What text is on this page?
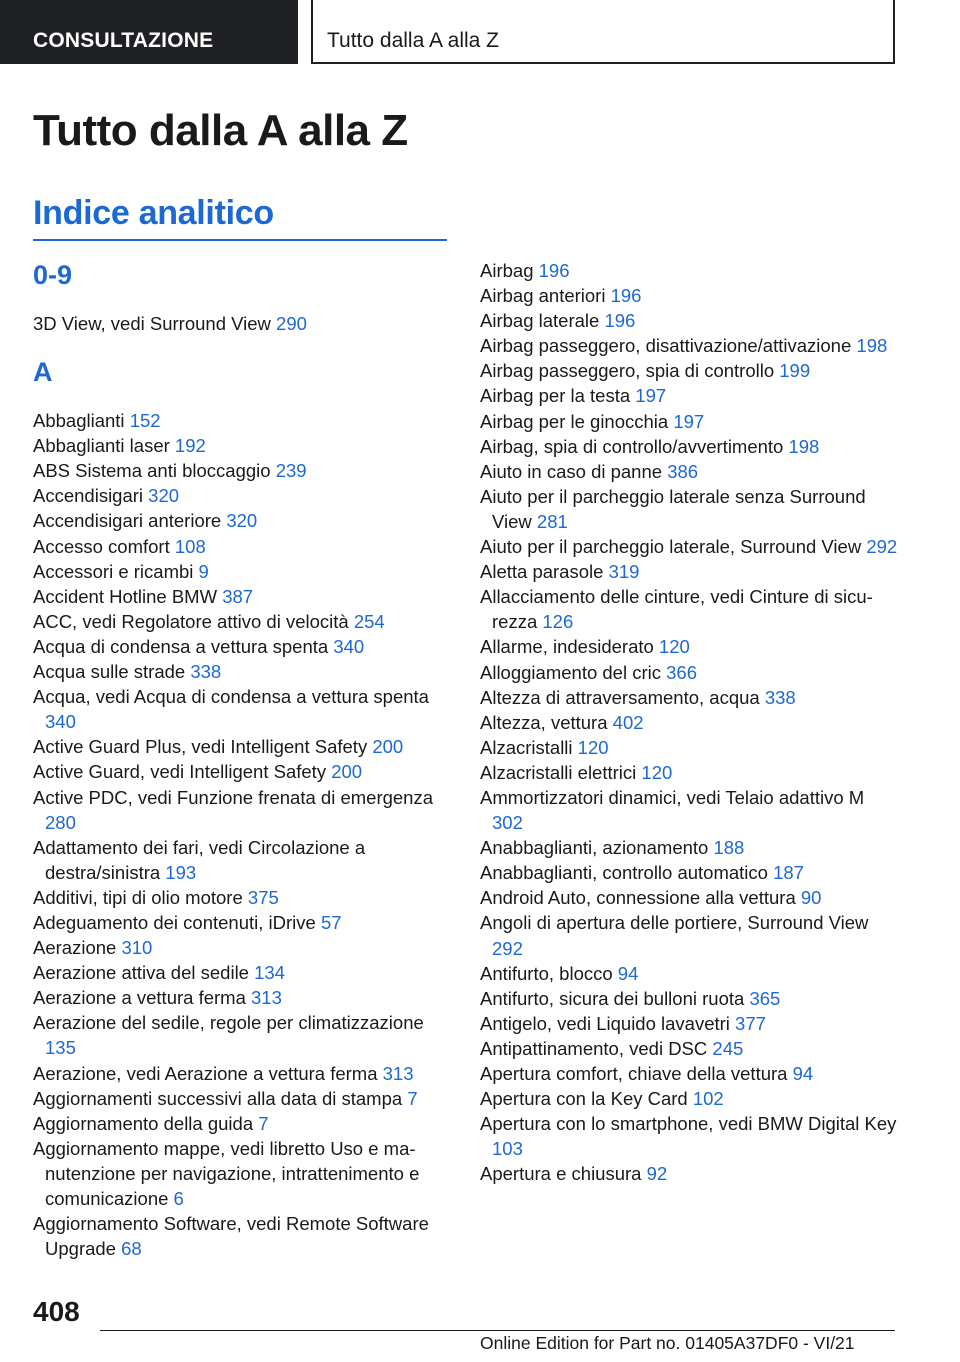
CONSULTAZIONE	Tutto dalla A alla Z
Tutto dalla A alla Z
Indice analitico
0-9
3D View, vedi Surround View 290
A
Abbaglianti 152
Abbaglianti laser 192
ABS Sistema anti bloccaggio 239
Accendisigari 320
Accendisigari anteriore 320
Accesso comfort 108
Accessori e ricambi 9
Accident Hotline BMW 387
ACC, vedi Regolatore attivo di velocità 254
Acqua di condensa a vettura spenta 340
Acqua sulle strade 338
Acqua, vedi Acqua di condensa a vettura spenta 340
Active Guard Plus, vedi Intelligent Safety 200
Active Guard, vedi Intelligent Safety 200
Active PDC, vedi Funzione frenata di emergenza 280
Adattamento dei fari, vedi Circolazione a destra/sinistra 193
Additivi, tipi di olio motore 375
Adeguamento dei contenuti, iDrive 57
Aerazione 310
Aerazione attiva del sedile 134
Aerazione a vettura ferma 313
Aerazione del sedile, regole per climatizzazione 135
Aerazione, vedi Aerazione a vettura ferma 313
Aggiornamenti successivi alla data di stampa 7
Aggiornamento della guida 7
Aggiornamento mappe, vedi libretto Uso e manutenzione per navigazione, intrattenimento e comunicazione 6
Aggiornamento Software, vedi Remote Software Upgrade 68
Airbag 196
Airbag anteriori 196
Airbag laterale 196
Airbag passeggero, disattivazione/attivazione 198
Airbag passeggero, spia di controllo 199
Airbag per la testa 197
Airbag per le ginocchia 197
Airbag, spia di controllo/avvertimento 198
Aiuto in caso di panne 386
Aiuto per il parcheggio laterale senza Surround View 281
Aiuto per il parcheggio laterale, Surround View 292
Aletta parasole 319
Allacciamento delle cinture, vedi Cinture di sicurezza 126
Allarme, indesiderato 120
Alloggiamento del cric 366
Altezza di attraversamento, acqua 338
Altezza, vettura 402
Alzacristalli 120
Alzacristalli elettrici 120
Ammortizzatori dinamici, vedi Telaio adattivo M 302
Anabbaglianti, azionamento 188
Anabbaglianti, controllo automatico 187
Android Auto, connessione alla vettura 90
Angoli di apertura delle portiere, Surround View 292
Antifurto, blocco 94
Antifurto, sicura dei bulloni ruota 365
Antigelo, vedi Liquido lavavetri 377
Antipattinamento, vedi DSC 245
Apertura comfort, chiave della vettura 94
Apertura con la Key Card 102
Apertura con lo smartphone, vedi BMW Digital Key 103
Apertura e chiusura 92
408
Online Edition for Part no. 01405A37DF0 - VI/21
